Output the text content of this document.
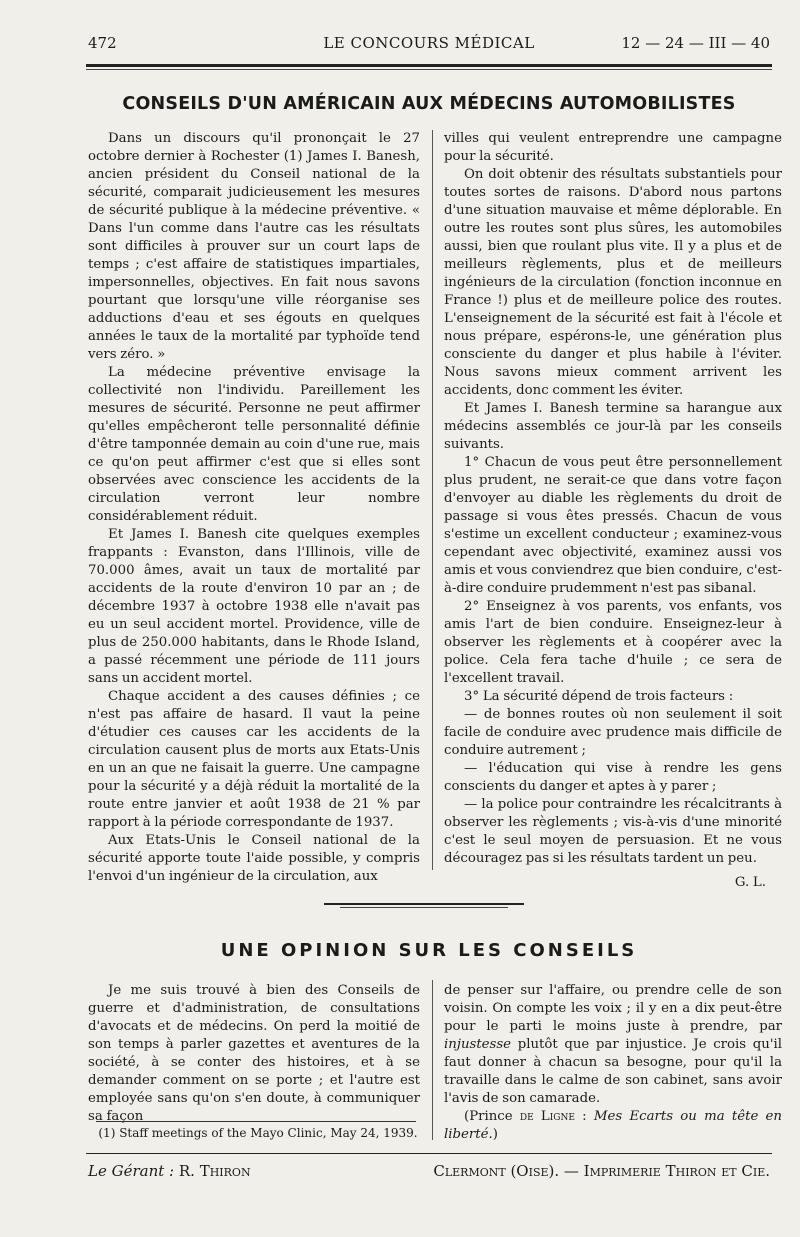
472	LE CONCOURS MÉDICAL	12 — 24 — III — 40
CONSEILS D'UN AMÉRICAIN AUX MÉDECINS AUTOMOBILISTES

Dans un discours qu'il prononçait le 27 octobre dernier à Rochester (1) James I. Banesh, ancien président du Conseil national de la sécurité, comparait judicieusement les mesures de sécurité publique à la médecine préventive. « Dans l'un comme dans l'autre cas les résultats sont difficiles à prouver sur un court laps de temps ; c'est affaire de statistiques impartiales, impersonnelles, objectives. En fait nous savons pourtant que lorsqu'une ville réorganise ses adductions d'eau et ses égouts en quelques années le taux de la mortalité par typhoïde tend vers zéro. »

La médecine préventive envisage la collectivité non l'individu. Pareillement les mesures de sécurité. Personne ne peut affirmer qu'elles empêcheront telle personnalité définie d'être tamponnée demain au coin d'une rue, mais ce qu'on peut affirmer c'est que si elles sont observées avec conscience les accidents de la circulation verront leur nombre considérablement réduit.

Et James I. Banesh cite quelques exemples frappants : Evanston, dans l'Illinois, ville de 70.000 âmes, avait un taux de mortalité par accidents de la route d'environ 10 par an ; de décembre 1937 à octobre 1938 elle n'avait pas eu un seul accident mortel. Providence, ville de plus de 250.000 habitants, dans le Rhode Island, a passé récemment une période de 111 jours sans un accident mortel.

Chaque accident a des causes définies ; ce n'est pas affaire de hasard. Il vaut la peine d'étudier ces causes car les accidents de la circulation causent plus de morts aux Etats-Unis en un an que ne faisait la guerre. Une campagne pour la sécurité y a déjà réduit la mortalité de la route entre janvier et août 1938 de 21 % par rapport à la période correspondante de 1937.

Aux Etats-Unis le Conseil national de la sécurité apporte toute l'aide possible, y compris l'envoi d'un ingénieur de la circulation, aux

villes qui veulent entreprendre une campagne pour la sécurité.

On doit obtenir des résultats substantiels pour toutes sortes de raisons. D'abord nous partons d'une situation mauvaise et même déplorable. En outre les routes sont plus sûres, les automobiles aussi, bien que roulant plus vite. Il y a plus et de meilleurs règlements, plus et de meilleurs ingénieurs de la circulation (fonction inconnue en France !) plus et de meilleure police des routes. L'enseignement de la sécurité est fait à l'école et nous prépare, espérons-le, une génération plus consciente du danger et plus habile à l'éviter. Nous savons mieux comment arrivent les accidents, donc comment les éviter.

Et James I. Banesh termine sa harangue aux médecins assemblés ce jour-là par les conseils suivants.

1° Chacun de vous peut être personnellement plus prudent, ne serait-ce que dans votre façon d'envoyer au diable les règlements du droit de passage si vous êtes pressés. Chacun de vous s'estime un excellent conducteur ; examinez-vous cependant avec objectivité, examinez aussi vos amis et vous conviendrez que bien conduire, c'est-à-dire conduire prudemment n'est pas sibanal.

2° Enseignez à vos parents, vos enfants, vos amis l'art de bien conduire. Enseignez-leur à observer les règlements et à coopérer avec la police. Cela fera tache d'huile ; ce sera de l'excellent travail.

3° La sécurité dépend de trois facteurs :

— de bonnes routes où non seulement il soit facile de conduire avec prudence mais difficile de conduire autrement ;

— l'éducation qui vise à rendre les gens conscients du danger et aptes à y parer ;

— la police pour contraindre les récalcitrants à observer les règlements ; vis-à-vis d'une minorité c'est le seul moyen de persuasion. Et ne vous découragez pas si les résultats tardent un peu.

G. L.

UNE OPINION SUR LES CONSEILS

Je me suis trouvé à bien des Conseils de guerre et d'administration, de consultations d'avocats et de médecins. On perd la moitié de son temps à parler gazettes et aventures de la société, à se conter des histoires, et à se demander comment on se porte ; et l'autre est employée sans qu'on s'en doute, à communiquer sa façon

de penser sur l'affaire, ou prendre celle de son voisin. On compte les voix ; il y en a dix peut-être pour le parti le moins juste à prendre, par injustesse plutôt que par injustice. Je crois qu'il faut donner à chacun sa besogne, pour qu'il la travaille dans le calme de son cabinet, sans avoir l'avis de son camarade.

(Prince de Ligne : Mes Ecarts ou ma tête en liberté.)

(1) Staff meetings of the Mayo Clinic, May 24, 1939.
Le Gérant : R. Thiron	Clermont (Oise). — Imprimerie Thiron et Cie.
